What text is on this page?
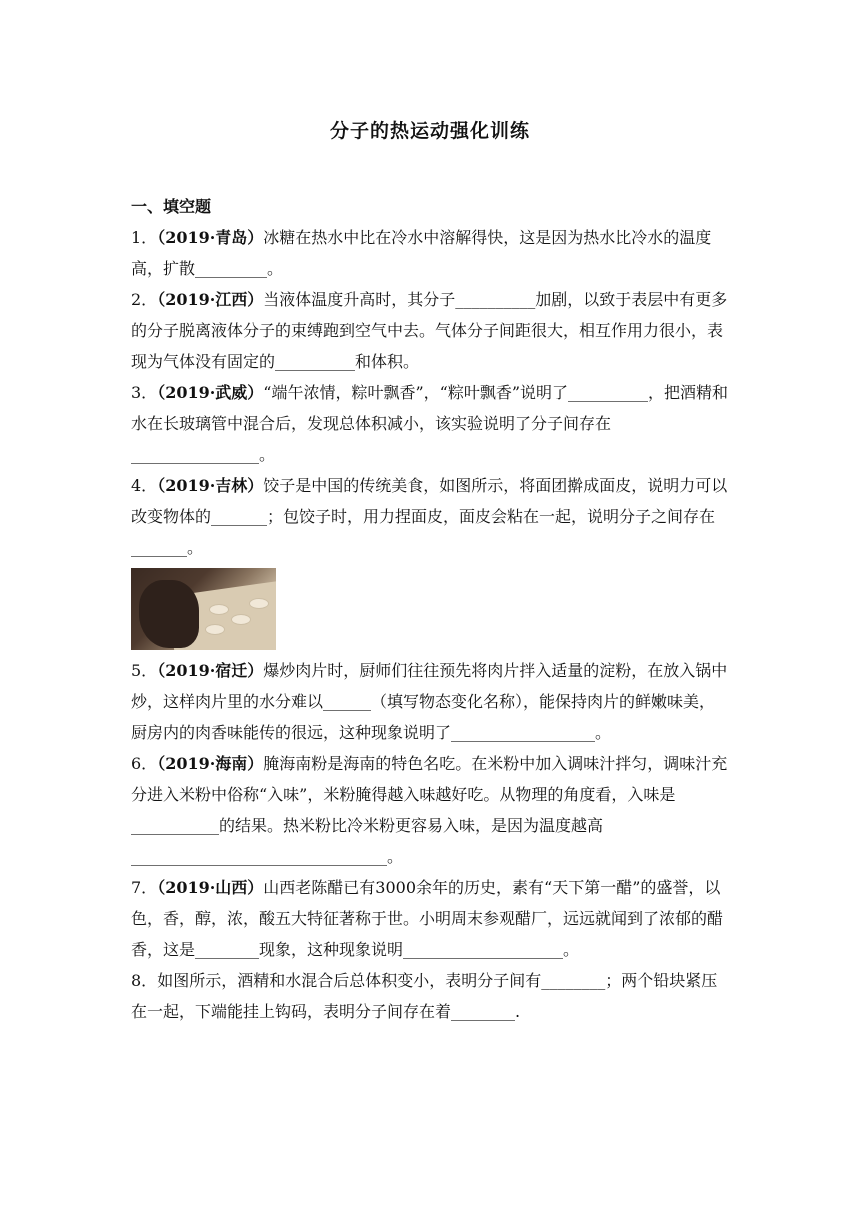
分子的热运动强化训练
一、填空题

1．（2019·青岛）冰糖在热水中比在冷水中溶解得快，这是因为热水比冷水的温度高，扩散_________。

2．（2019·江西）当液体温度升高时，其分子__________加剧，以致于表层中有更多的分子脱离液体分子的束缚跑到空气中去。气体分子间距很大，相互作用力很小，表现为气体没有固定的__________和体积。

3．（2019·武威）“端午浓情，粽叶飘香”，“粽叶飘香”说明了__________，把酒精和水在长玻璃管中混合后，发现总体积减小，该实验说明了分子间存在________________。

4．（2019·吉林）饺子是中国的传统美食，如图所示，将面团擀成面皮，说明力可以改变物体的_______；包饺子时，用力捏面皮，面皮会粘在一起，说明分子之间存在_______。

5．（2019·宿迁）爆炒肉片时，厨师们往往预先将肉片拌入适量的淀粉，在放入锅中炒，这样肉片里的水分难以______（填写物态变化名称），能保持肉片的鲜嫩味美，厨房内的肉香味能传的很远，这种现象说明了__________________。

6．（2019·海南）腌海南粉是海南的特色名吃。在米粉中加入调味汁拌匀，调味汁充分进入米粉中俗称“入味”，米粉腌得越入味越好吃。从物理的角度看，入味是___________的结果。热米粉比冷米粉更容易入味，是因为温度越高________________________________。

7．（2019·山西）山西老陈醋已有3000余年的历史，素有“天下第一醋”的盛誉，以色，香，醇，浓，酸五大特征著称于世。小明周末参观醋厂，远远就闻到了浓郁的醋香，这是________现象，这种现象说明____________________。

8．如图所示，酒精和水混合后总体积变小，表明分子间有________；两个铅块紧压在一起，下端能挂上钩码，表明分子间存在着________.
